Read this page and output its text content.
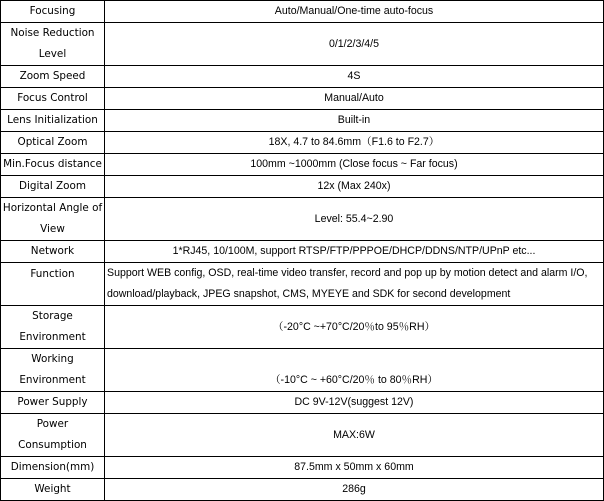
Focusing	Auto/Manual/One-time auto-focus
Noise Reduction Level	0/1/2/3/4/5
Zoom Speed	4S
Focus Control	Manual/Auto
Lens Initialization	Built-in
Optical Zoom	18X, 4.7 to 84.6mm（F1.6 to F2.7）
Min.Focus distance	100mm ~1000mm (Close focus ~ Far focus)
Digital Zoom	12x (Max 240x)
Horizontal Angle of View	Level: 55.4~2.90
Network	1*RJ45, 10/100M, support RTSP/FTP/PPPOE/DHCP/DDNS/NTP/UPnP etc...
Function	Support WEB config, OSD, real-time video transfer, record and pop up by motion detect and alarm I/O, download/playback, JPEG snapshot, CMS, MYEYE and SDK for second development
Storage Environment	（-20°C ~+70°C/20％to 95％RH）
Working Environment	（-10°C ~ +60°C/20％ to 80％RH）
Power Supply	DC 9V-12V(suggest 12V)
Power Consumption	MAX:6W
Dimension(mm)	87.5mm x 50mm x 60mm
Weight	286g
